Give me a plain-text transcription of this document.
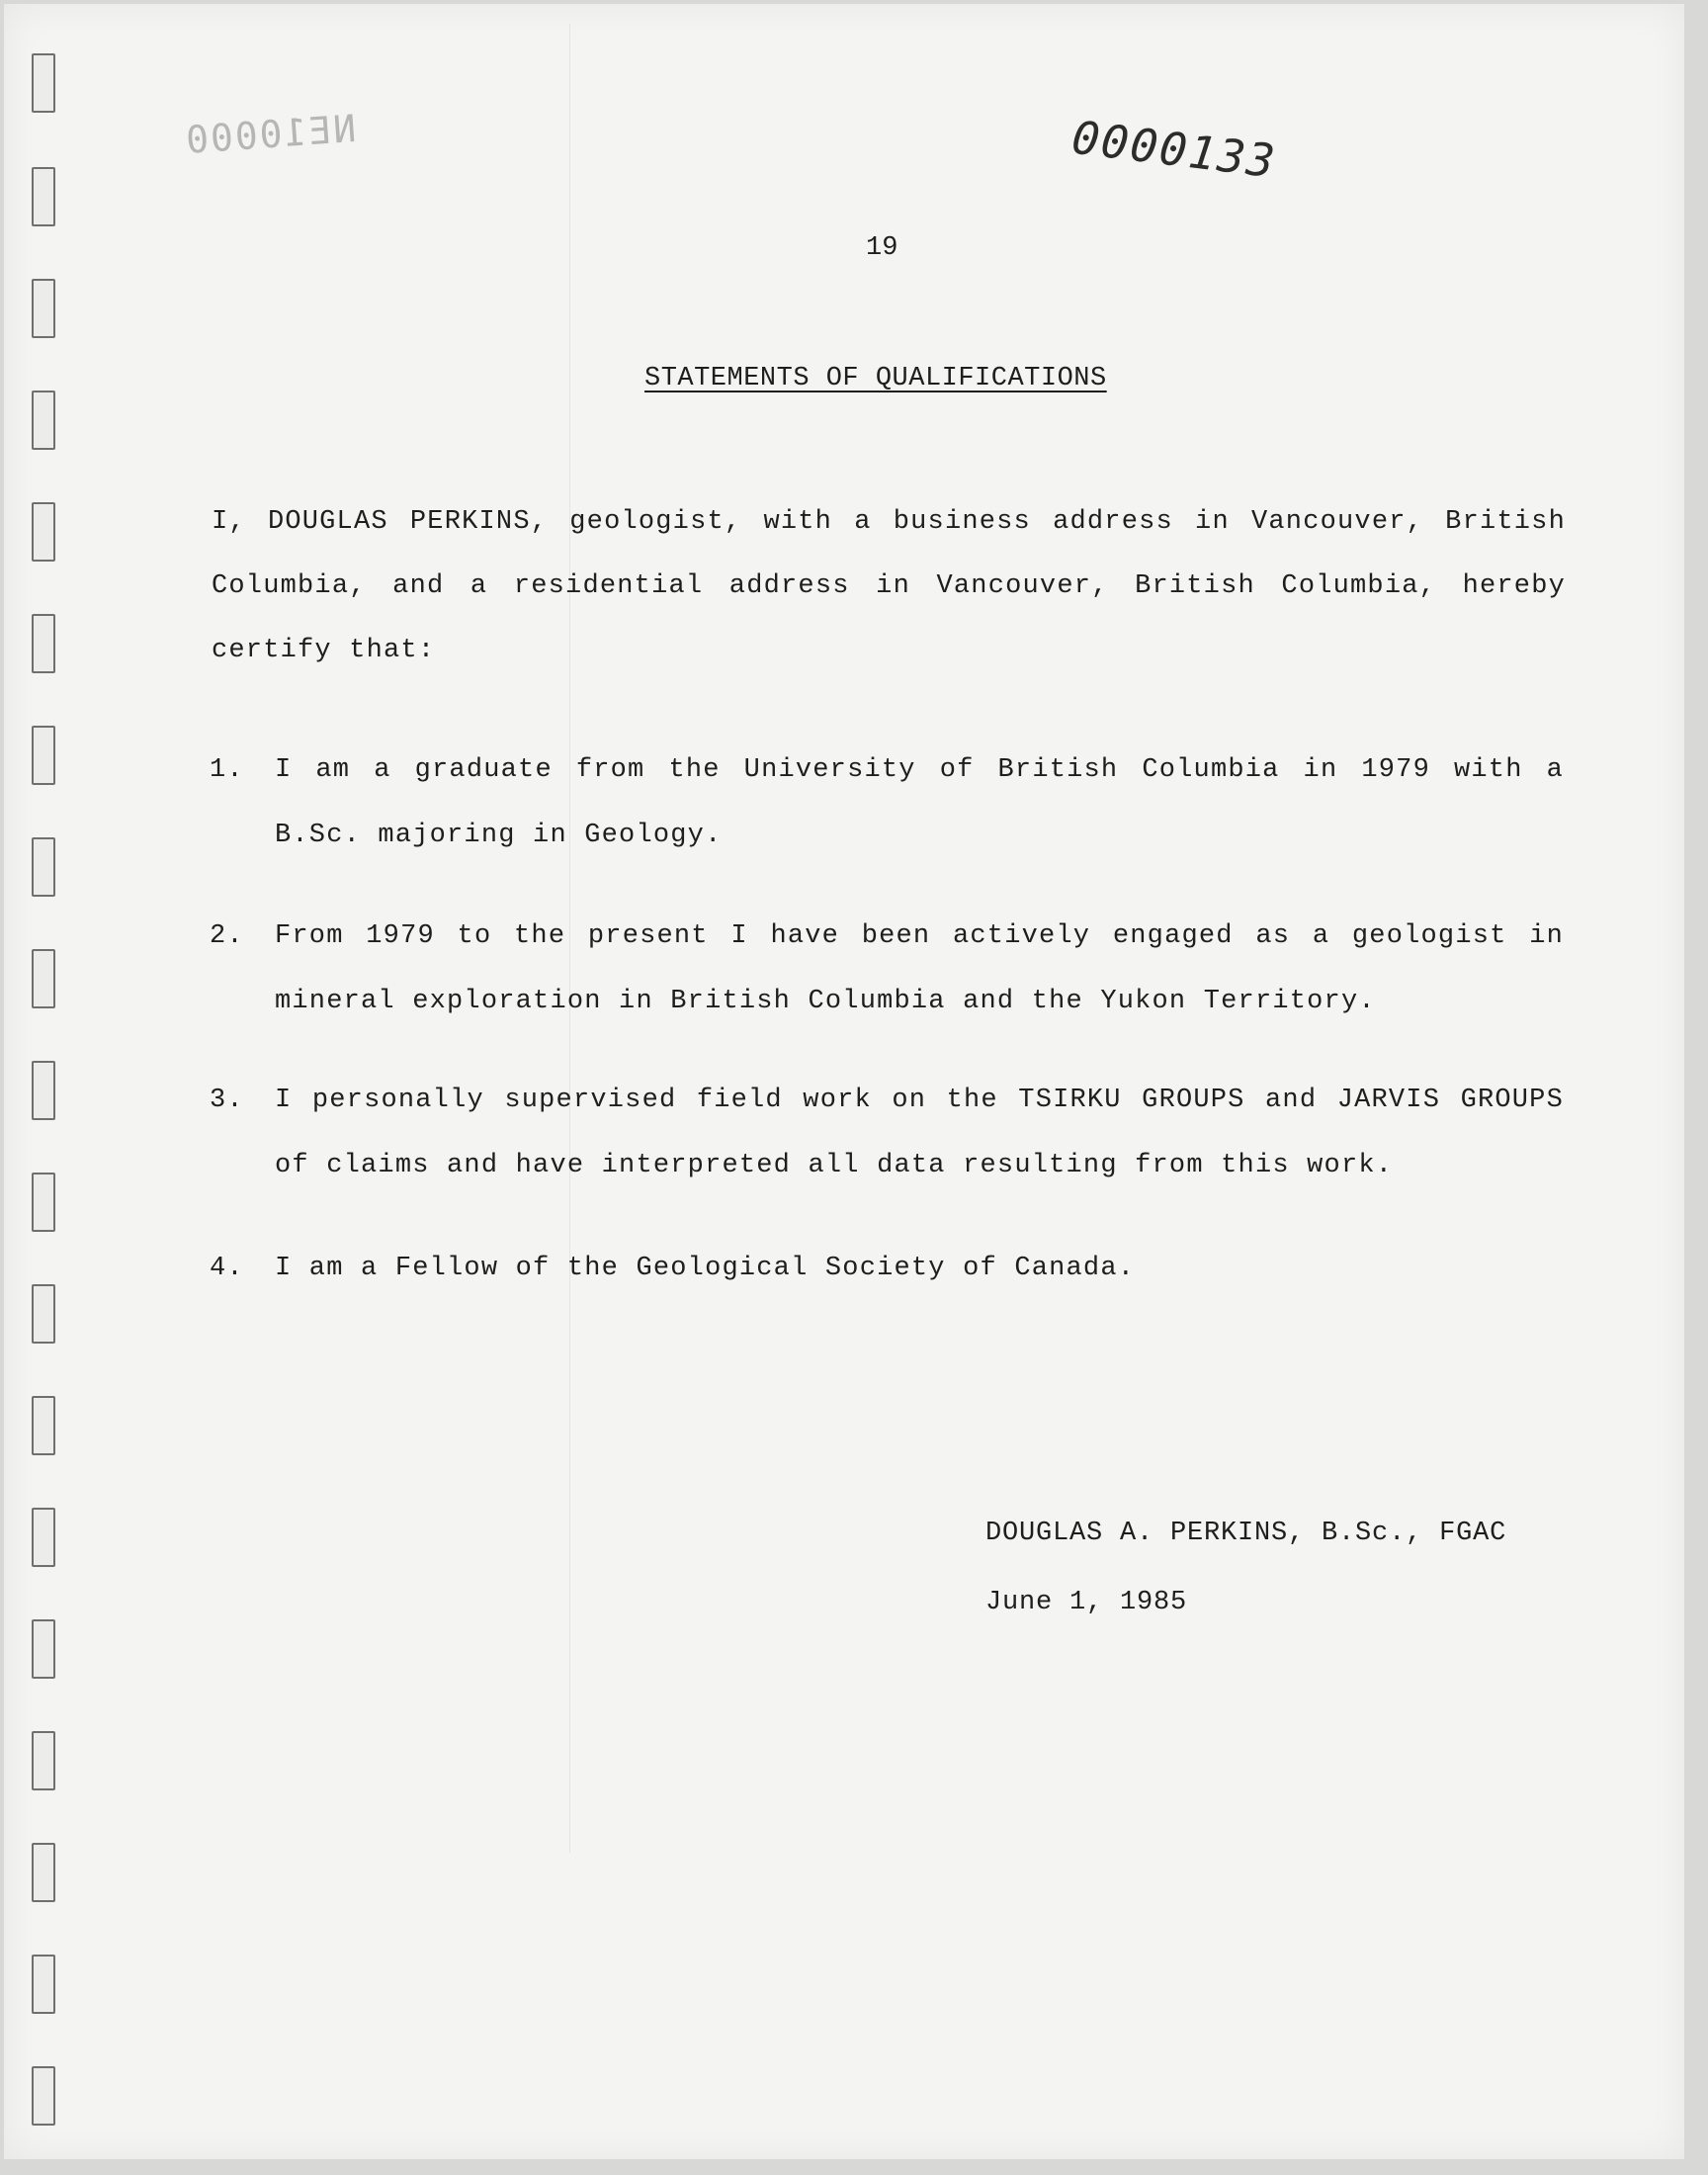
NE10000	0000133
19
STATEMENTS OF QUALIFICATIONS
I, DOUGLAS PERKINS, geologist, with a business address in Vancouver, British Columbia, and a residential address in Vancouver, British Columbia, hereby certify that:
1. I am a graduate from the University of British Columbia in 1979 with a B.Sc. majoring in Geology.
2. From 1979 to the present I have been actively engaged as a geologist in mineral exploration in British Columbia and the Yukon Territory.
3. I personally supervised field work on the TSIRKU GROUPS and JARVIS GROUPS of claims and have interpreted all data resulting from this work.
4. I am a Fellow of the Geological Society of Canada.
DOUGLAS A. PERKINS, B.Sc., FGAC
June 1, 1985
